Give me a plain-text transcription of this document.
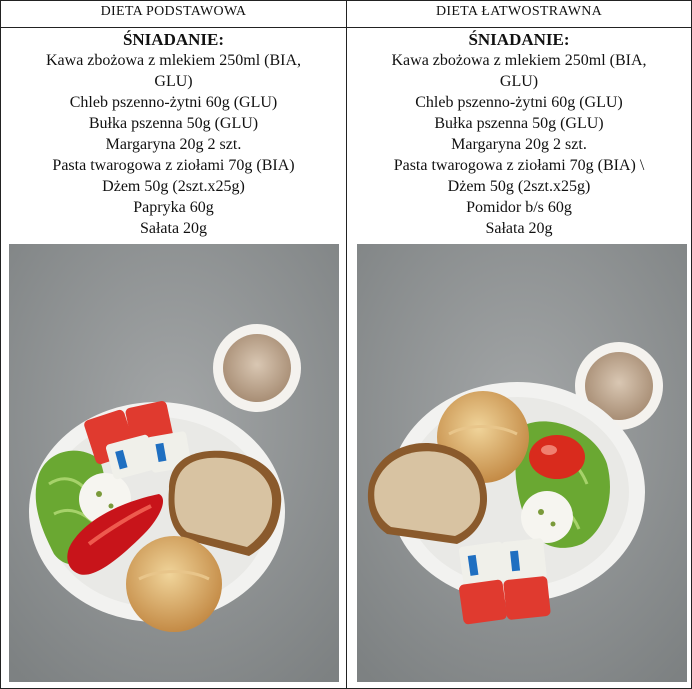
DIETA PODSTAWOWA
ŚNIADANIE:
Kawa zbożowa z mlekiem 250ml (BIA,
GLU)
Chleb pszenno-żytni 60g (GLU)
Bułka pszenna 50g (GLU)
Margaryna 20g 2 szt.
Pasta twarogowa z ziołami 70g (BIA)
Dżem 50g (2szt.x25g)
Papryka 60g
Sałata 20g
DIETA ŁATWOSTRAWNA
ŚNIADANIE:
Kawa zbożowa z mlekiem 250ml (BIA,
GLU)
Chleb pszenno-żytni 60g (GLU)
Bułka pszenna 50g (GLU)
Margaryna 20g 2 szt.
Pasta twarogowa z ziołami 70g (BIA) \
Dżem 50g (2szt.x25g)
Pomidor b/s 60g
Sałata 20g
